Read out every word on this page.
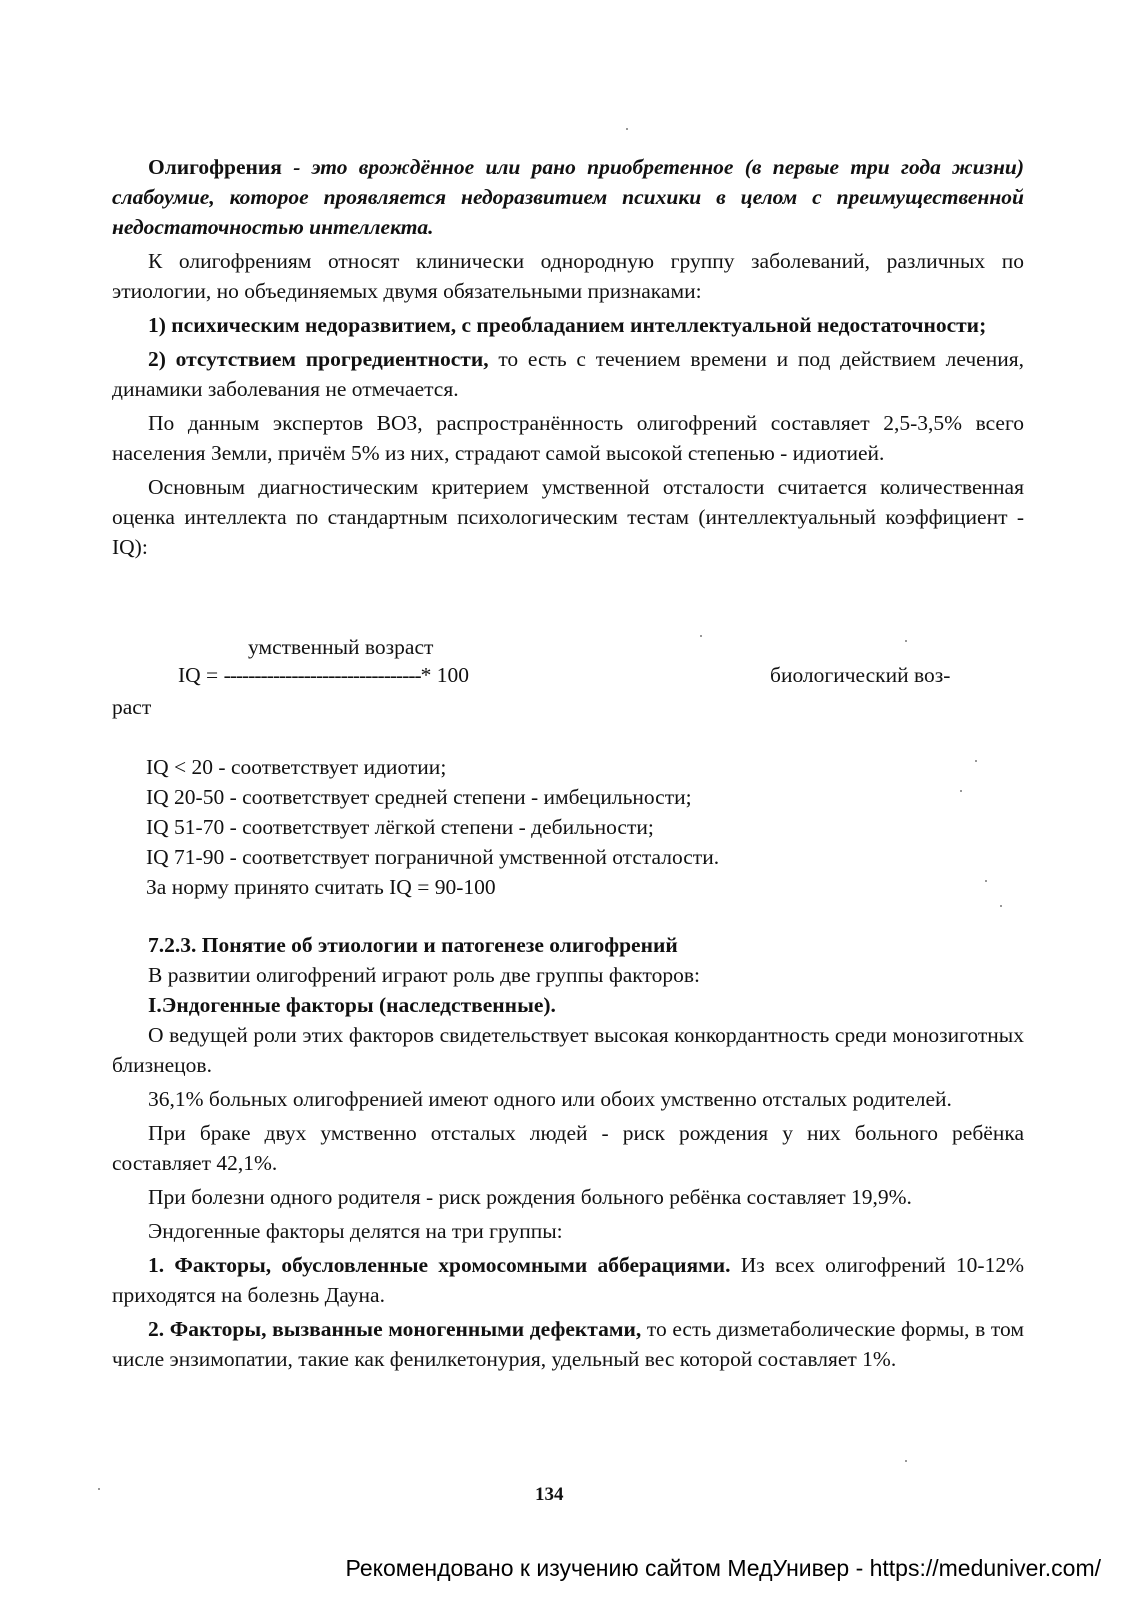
Олигофрения - это врождённое или рано приобретенное (в первые три года жизни) слабоумие, которое проявляется недоразвитием психики в целом с преимущественной недостаточностью интеллекта.

К олигофрениям относят клинически однородную группу заболеваний, различных по этиологии, но объединяемых двумя обязательными признаками:

1) психическим недоразвитием, с преобладанием интеллектуальной недостаточности;

2) отсутствием прогредиентности, то есть с течением времени и под действием лечения, динамики заболевания не отмечается.

По данным экспертов ВОЗ, распространённость олигофрений составляет 2,5-3,5% всего населения Земли, причём 5% из них, страдают самой высокой степенью - идиотией.

Основным диагностическим критерием умственной отсталости считается количественная оценка интеллекта по стандартным психологическим тестам (интеллектуальный коэффициент - IQ):

умственный возраст
IQ = --------------------------------* 100	биологический воз-
раст
IQ < 20 - соответствует идиотии;
IQ 20-50 - соответствует средней степени - имбецильности;
IQ 51-70 - соответствует лёгкой степени - дебильности;
IQ 71-90 - соответствует пограничной умственной отсталости.
За норму принято считать IQ = 90-100

7.2.3. Понятие об этиологии и патогенезе олигофрений

В развитии олигофрений играют роль две группы факторов:

I.Эндогенные факторы (наследственные).

О ведущей роли этих факторов свидетельствует высокая конкордантность среди монозиготных близнецов.

36,1% больных олигофренией имеют одного или обоих умственно отсталых родителей.

При браке двух умственно отсталых людей - риск рождения у них больного ребёнка составляет 42,1%.

При болезни одного родителя - риск рождения больного ребёнка составляет 19,9%.

Эндогенные факторы делятся на три группы:

1. Факторы, обусловленные хромосомными абберациями. Из всех олигофрений 10-12% приходятся на болезнь Дауна.

2. Факторы, вызванные моногенными дефектами, то есть дизметаболические формы, в том числе энзимопатии, такие как фенилкетонурия, удельный вес которой составляет 1%.

134
Рекомендовано к изучению сайтом МедУнивер - https://meduniver.com/
